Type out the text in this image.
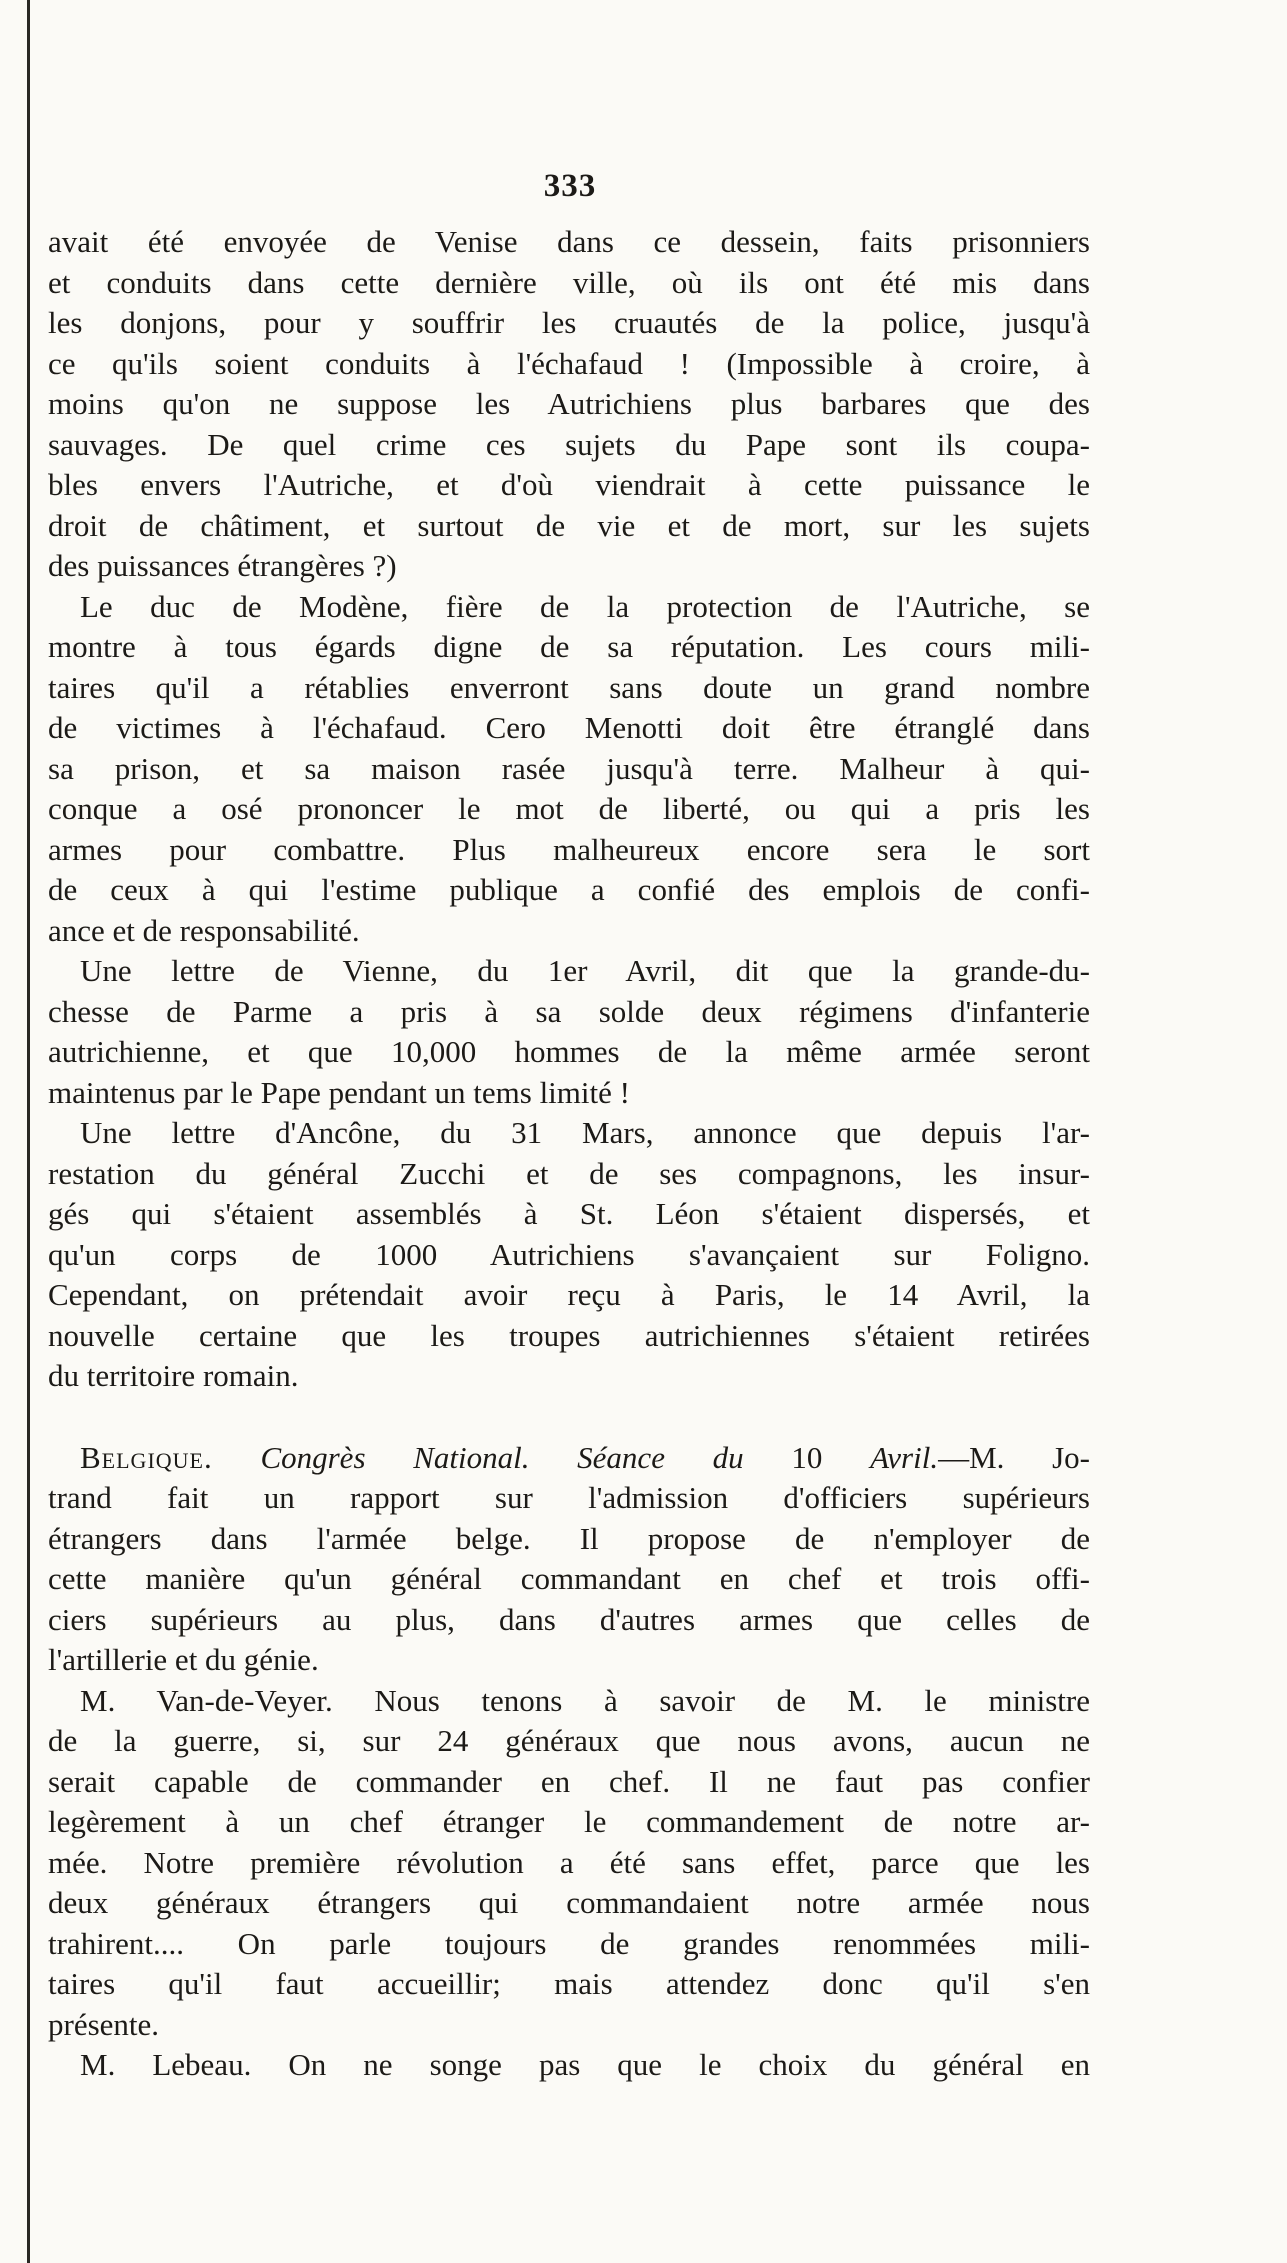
333

avait été envoyée de Venise dans ce dessein, faits prisonniers
et conduits dans cette dernière ville, où ils ont été mis dans
les donjons, pour y souffrir les cruautés de la police, jusqu'à
ce qu'ils soient conduits à l'échafaud ! (Impossible à croire, à
moins qu'on ne suppose les Autrichiens plus barbares que des
sauvages. De quel crime ces sujets du Pape sont ils coupa-
bles envers l'Autriche, et d'où viendrait à cette puissance le
droit de châtiment, et surtout de vie et de mort, sur les sujets
des puissances étrangères ?)

Le duc de Modène, fière de la protection de l'Autriche, se
montre à tous égards digne de sa réputation. Les cours mili-
taires qu'il a rétablies enverront sans doute un grand nombre
de victimes à l'échafaud. Cero Menotti doit être étranglé dans
sa prison, et sa maison rasée jusqu'à terre. Malheur à qui-
conque a osé prononcer le mot de liberté, ou qui a pris les
armes pour combattre. Plus malheureux encore sera le sort
de ceux à qui l'estime publique a confié des emplois de confi-
ance et de responsabilité.

Une lettre de Vienne, du 1er Avril, dit que la grande-du-
chesse de Parme a pris à sa solde deux régimens d'infanterie
autrichienne, et que 10,000 hommes de la même armée seront
maintenus par le Pape pendant un tems limité !

Une lettre d'Ancône, du 31 Mars, annonce que depuis l'ar-
restation du général Zucchi et de ses compagnons, les insur-
gés qui s'étaient assemblés à St. Léon s'étaient dispersés, et
qu'un corps de 1000 Autrichiens s'avançaient sur Foligno.
Cependant, on prétendait avoir reçu à Paris, le 14 Avril, la
nouvelle certaine que les troupes autrichiennes s'étaient retirées
du territoire romain.

Belgique. Congrès National. Séance du 10 Avril.—M. Jo-
trand fait un rapport sur l'admission d'officiers supérieurs
étrangers dans l'armée belge. Il propose de n'employer de
cette manière qu'un général commandant en chef et trois offi-
ciers supérieurs au plus, dans d'autres armes que celles de
l'artillerie et du génie.

M. Van-de-Veyer. Nous tenons à savoir de M. le ministre
de la guerre, si, sur 24 généraux que nous avons, aucun ne
serait capable de commander en chef. Il ne faut pas confier
legèrement à un chef étranger le commandement de notre ar-
mée. Notre première révolution a été sans effet, parce que les
deux généraux étrangers qui commandaient notre armée nous
trahirent.... On parle toujours de grandes renommées mili-
taires qu'il faut accueillir; mais attendez donc qu'il s'en
présente.

M. Lebeau. On ne songe pas que le choix du général en
